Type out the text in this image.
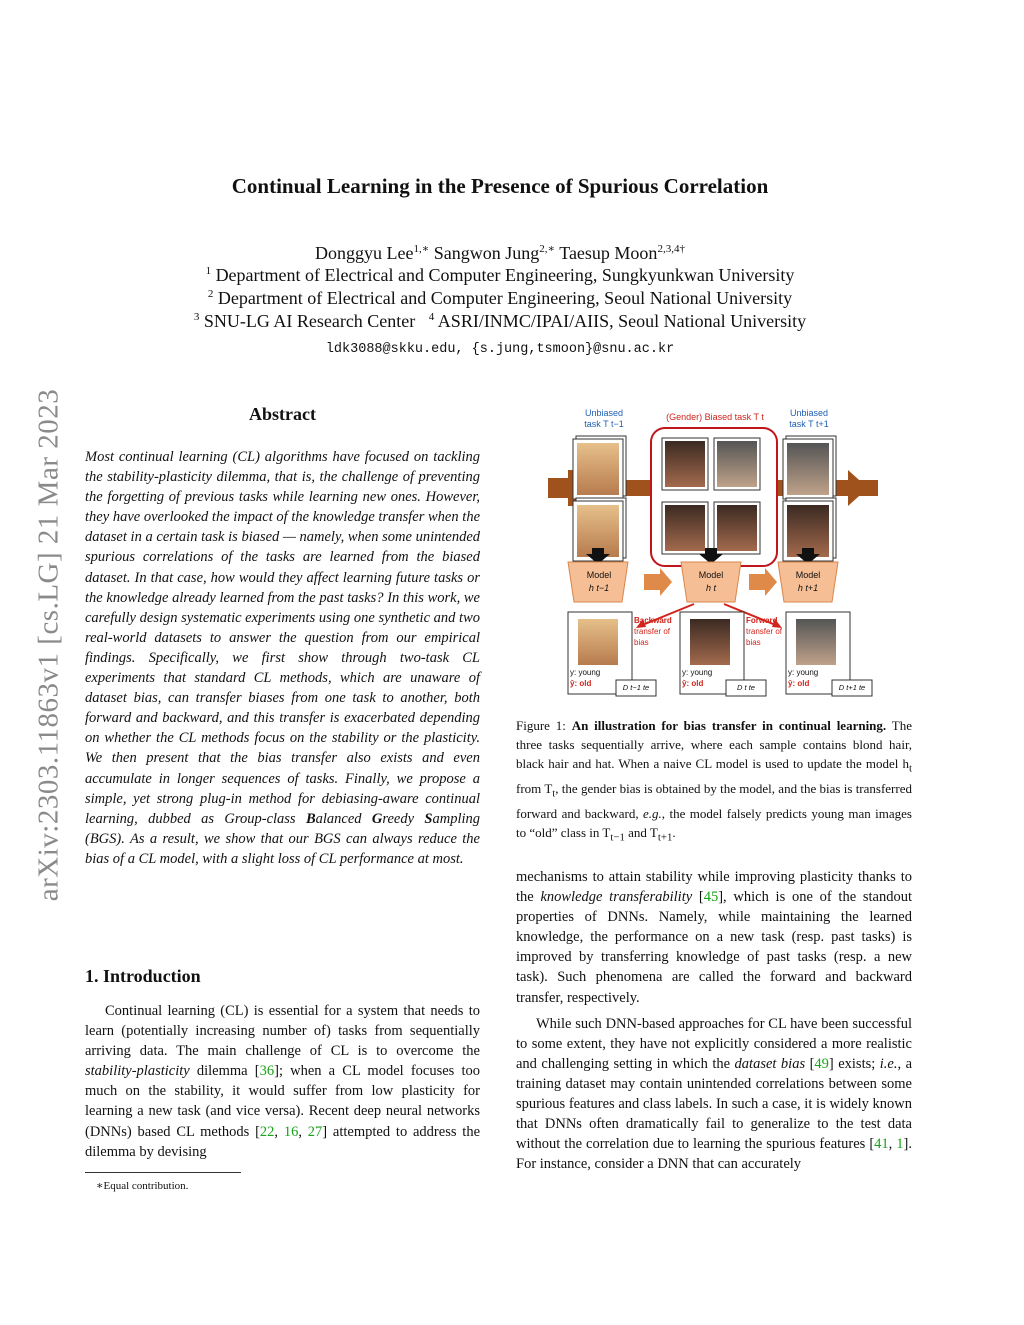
arXiv:2303.11863v1 [cs.LG] 21 Mar 2023
Continual Learning in the Presence of Spurious Correlation
Donggyu Lee$^{1,∗}$ Sangwon Jung$^{2,∗}$ Taesup Moon$^{2,3,4\dagger}$
$^1$ Department of Electrical and Computer Engineering, Sungkyunkwan University
$^2$ Department of Electrical and Computer Engineering, Seoul National University
$^3$ SNU-LG AI Research Center   $^4$ ASRI/INMC/IPAI/AIIS, Seoul National University
ldk3088@skku.edu, {s.jung,tsmoon}@snu.ac.kr
Abstract
Most continual learning (CL) algorithms have focused on tackling the stability-plasticity dilemma, that is, the challenge of preventing the forgetting of previous tasks while learning new ones. However, they have overlooked the impact of the knowledge transfer when the dataset in a certain task is biased — namely, when some unintended spurious correlations of the tasks are learned from the biased dataset. In that case, how would they affect learning future tasks or the knowledge already learned from the past tasks? In this work, we carefully design systematic experiments using one synthetic and two real-world datasets to answer the question from our empirical findings. Specifically, we first show through two-task CL experiments that standard CL methods, which are unaware of dataset bias, can transfer biases from one task to another, both forward and backward, and this transfer is exacerbated depending on whether the CL methods focus on the stability or the plasticity. We then present that the bias transfer also exists and even accumulate in longer sequences of tasks. Finally, we propose a simple, yet strong plug-in method for debiasing-aware continual learning, dubbed as Group-class Balanced Greedy Sampling (BGS). As a result, we show that our BGS can always reduce the bias of a CL model, with a slight loss of CL performance at most.
1. Introduction

Continual learning (CL) is essential for a system that needs to learn (potentially increasing number of) tasks from sequentially arriving data. The main challenge of CL is to overcome the stability-plasticity dilemma [36]; when a CL model focuses too much on the stability, it would suffer from low plasticity for learning a new task (and vice versa). Recent deep neural networks (DNNs) based CL methods [22, 16, 27] attempted to address the dilemma by devising

∗Equal contribution.
Unbiased task T t−1
(Gender) Biased task T t	Unbiased task T t+1
Model
h t−1
Model
h t
Model
h t+1
Backward
transfer of bias
Forward
transfer of bias
y: young
ŷ: old
y: young
ŷ: old
y: young
ŷ: old
D t−1 te	D t te	D t+1 te
Figure 1: An illustration for bias transfer in continual learning. The three tasks sequentially arrive, where each sample contains blond hair, black hair and hat. When a naive CL model is used to update the model $h_t$ from $T_t$, the gender bias is obtained by the model, and the bias is transferred forward and backward, e.g., the model falsely predicts young man images to “old” class in $T_{t-1}$ and $T_{t+1}$.

mechanisms to attain stability while improving plasticity thanks to the knowledge transferability [45], which is one of the standout properties of DNNs. Namely, while maintaining the learned knowledge, the performance on a new task (resp. past tasks) is improved by transferring knowledge of past tasks (resp. a new task). Such phenomena are called the forward and backward transfer, respectively.

While such DNN-based approaches for CL have been successful to some extent, they have not explicitly considered a more realistic and challenging setting in which the dataset bias [49] exists; i.e., a training dataset may contain unintended correlations between some spurious features and class labels. In such a case, it is widely known that DNNs often dramatically fail to generalize to the test data without the correlation due to learning the spurious features [41, 1]. For instance, consider a DNN that can accurately
